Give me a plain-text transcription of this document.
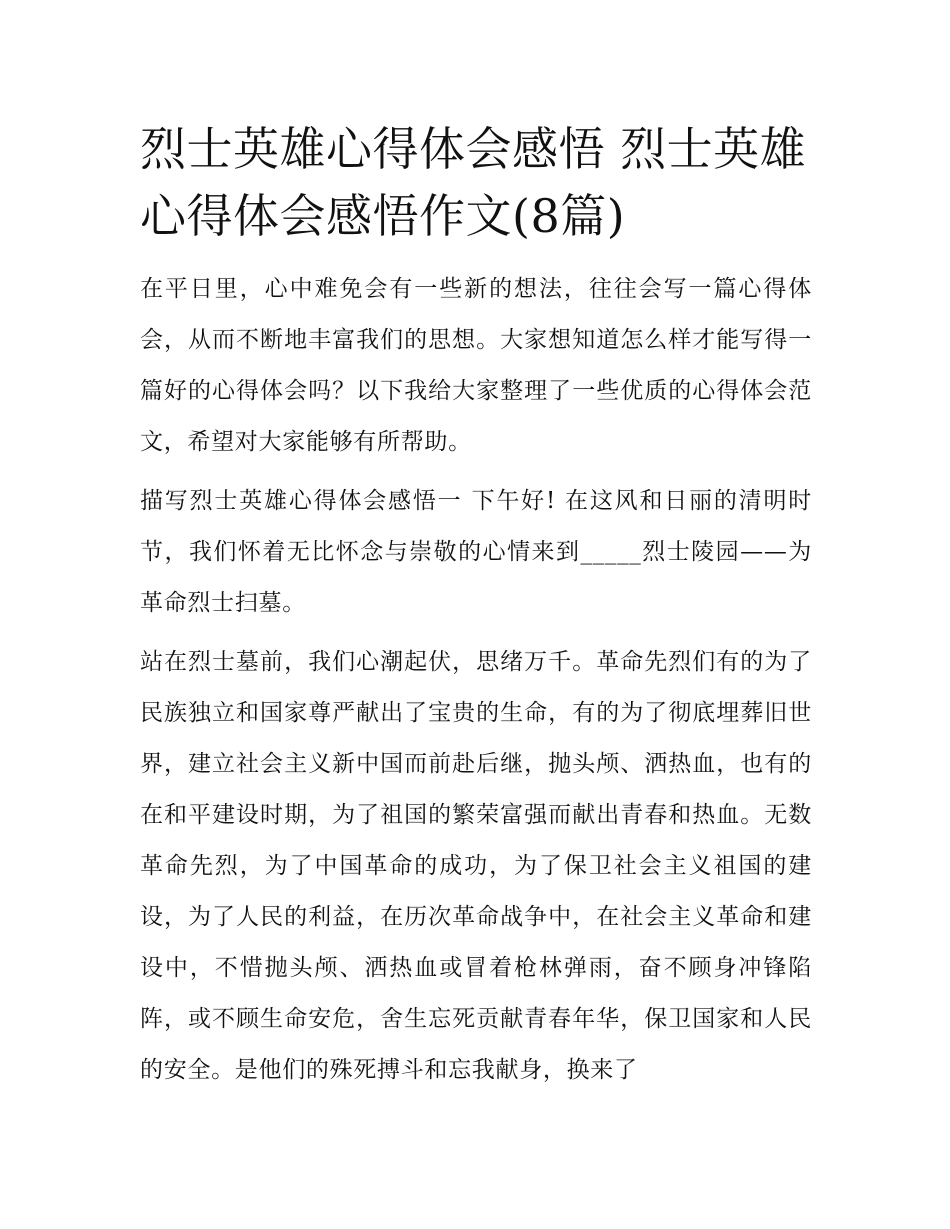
烈士英雄心得体会感悟 烈士英雄心得体会感悟作文(8篇)

在平日里，心中难免会有一些新的想法，往往会写一篇心得体会，从而不断地丰富我们的思想。大家想知道怎么样才能写得一篇好的心得体会吗？以下我给大家整理了一些优质的心得体会范文，希望对大家能够有所帮助。

描写烈士英雄心得体会感悟一 下午好! 在这风和日丽的清明时节，我们怀着无比怀念与崇敬的心情来到_____烈士陵园——为革命烈士扫墓。

站在烈士墓前，我们心潮起伏，思绪万千。革命先烈们有的为了民族独立和国家尊严献出了宝贵的生命，有的为了彻底埋葬旧世界，建立社会主义新中国而前赴后继，抛头颅、洒热血，也有的在和平建设时期，为了祖国的繁荣富强而献出青春和热血。无数革命先烈，为了中国革命的成功，为了保卫社会主义祖国的建设，为了人民的利益，在历次革命战争中，在社会主义革命和建设中，不惜抛头颅、洒热血或冒着枪林弹雨，奋不顾身冲锋陷阵，或不顾生命安危，舍生忘死贡献青春年华，保卫国家和人民的安全。是他们的殊死搏斗和忘我献身，换来了
